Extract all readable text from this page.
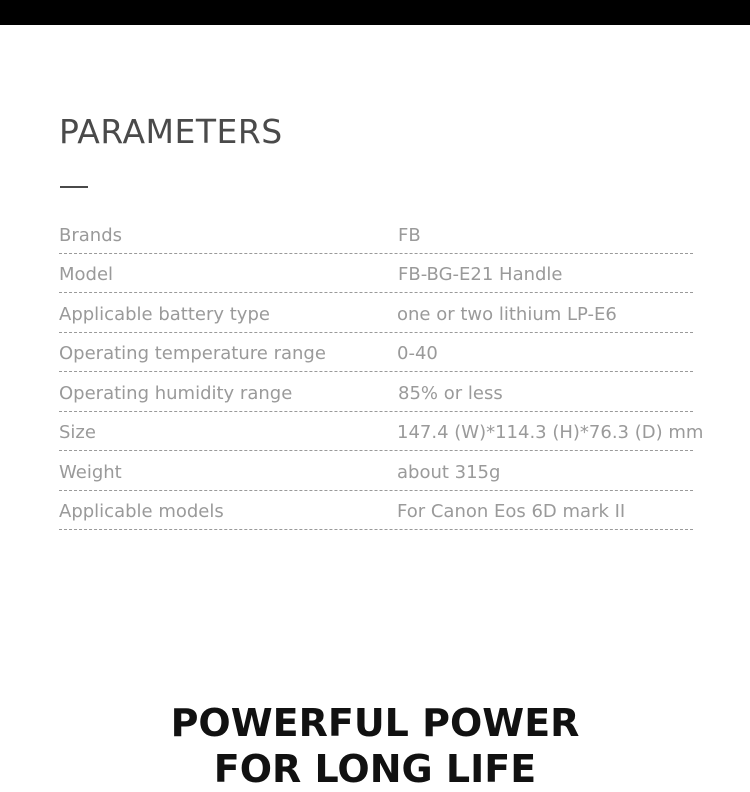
PARAMETERS
Brands	FB
Model	FB-BG-E21 Handle
Applicable battery type	one or two lithium LP-E6
Operating temperature range	0-40
Operating humidity range	85% or less
Size	147.4 (W)*114.3 (H)*76.3 (D) mm
Weight	about 315g
Applicable models	For Canon Eos 6D mark II
POWERFUL POWER
FOR LONG LIFE
